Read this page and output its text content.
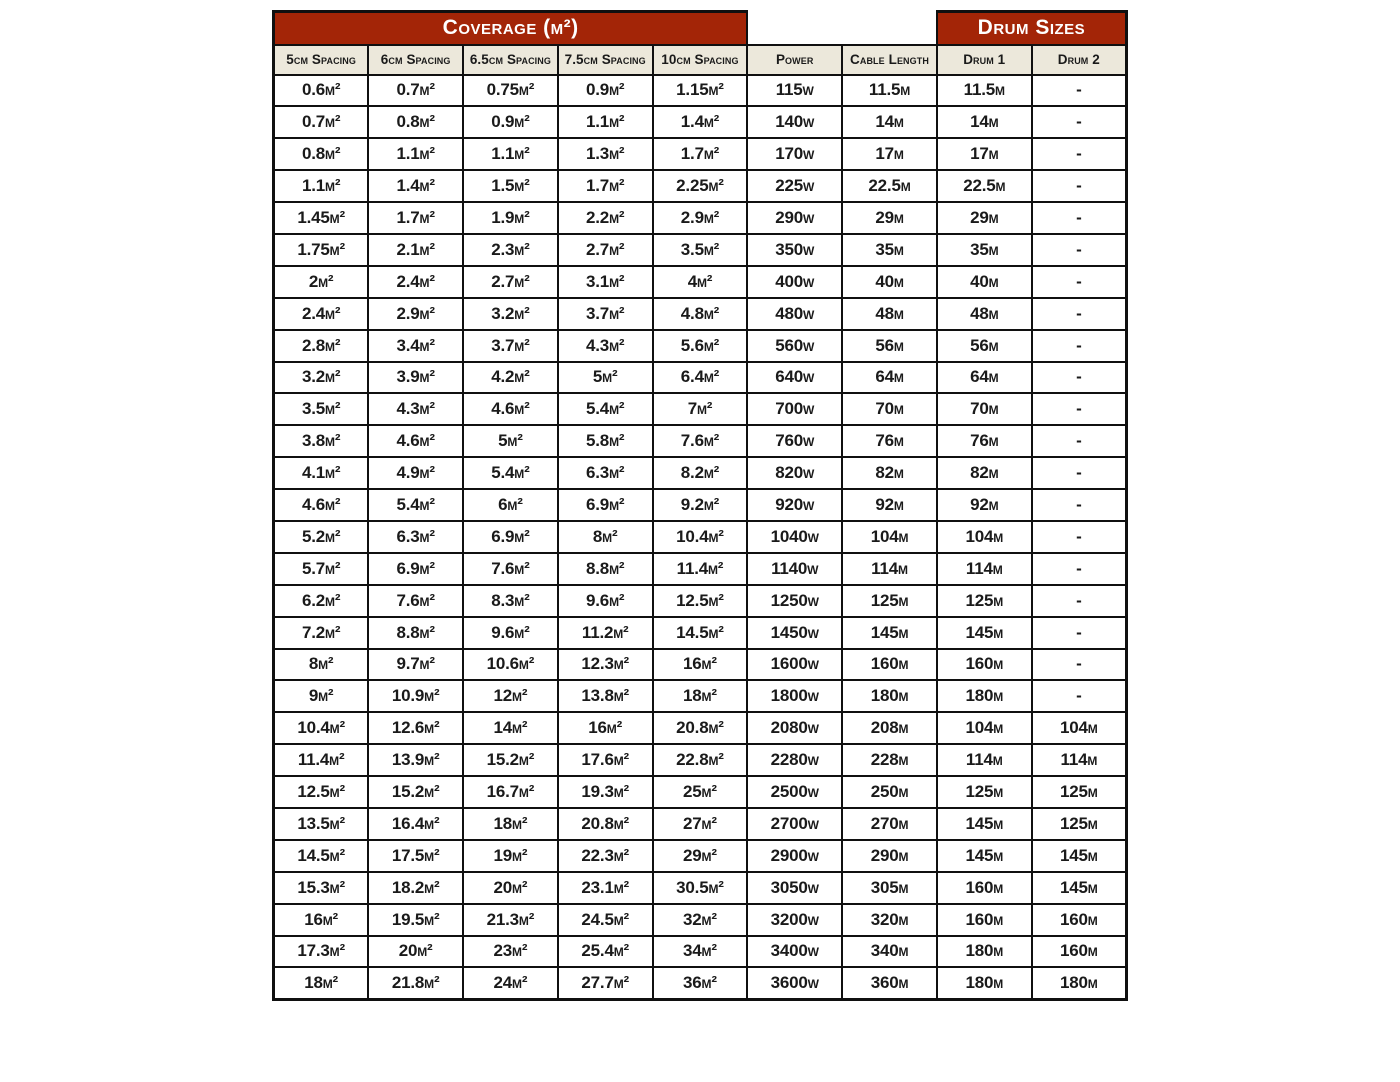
Coverage (m²)							Drum Sizes	
5cm Spacing	6cm Spacing	6.5cm Spacing	7.5cm Spacing	10cm Spacing	Power	Cable Length	Drum 1	Drum 2
0.6m²	0.7m²	0.75m²	0.9m²	1.15m²	115w	11.5m	11.5m	-
0.7m²	0.8m²	0.9m²	1.1m²	1.4m²	140w	14m	14m	-
0.8m²	1.1m²	1.1m²	1.3m²	1.7m²	170w	17m	17m	-
1.1m²	1.4m²	1.5m²	1.7m²	2.25m²	225w	22.5m	22.5m	-
1.45m²	1.7m²	1.9m²	2.2m²	2.9m²	290w	29m	29m	-
1.75m²	2.1m²	2.3m²	2.7m²	3.5m²	350w	35m	35m	-
2m²	2.4m²	2.7m²	3.1m²	4m²	400w	40m	40m	-
2.4m²	2.9m²	3.2m²	3.7m²	4.8m²	480w	48m	48m	-
2.8m²	3.4m²	3.7m²	4.3m²	5.6m²	560w	56m	56m	-
3.2m²	3.9m²	4.2m²	5m²	6.4m²	640w	64m	64m	-
3.5m²	4.3m²	4.6m²	5.4m²	7m²	700w	70m	70m	-
3.8m²	4.6m²	5m²	5.8m²	7.6m²	760w	76m	76m	-
4.1m²	4.9m²	5.4m²	6.3m²	8.2m²	820w	82m	82m	-
4.6m²	5.4m²	6m²	6.9m²	9.2m²	920w	92m	92m	-
5.2m²	6.3m²	6.9m²	8m²	10.4m²	1040w	104m	104m	-
5.7m²	6.9m²	7.6m²	8.8m²	11.4m²	1140w	114m	114m	-
6.2m²	7.6m²	8.3m²	9.6m²	12.5m²	1250w	125m	125m	-
7.2m²	8.8m²	9.6m²	11.2m²	14.5m²	1450w	145m	145m	-
8m²	9.7m²	10.6m²	12.3m²	16m²	1600w	160m	160m	-
9m²	10.9m²	12m²	13.8m²	18m²	1800w	180m	180m	-
10.4m²	12.6m²	14m²	16m²	20.8m²	2080w	208m	104m	104m
11.4m²	13.9m²	15.2m²	17.6m²	22.8m²	2280w	228m	114m	114m
12.5m²	15.2m²	16.7m²	19.3m²	25m²	2500w	250m	125m	125m
13.5m²	16.4m²	18m²	20.8m²	27m²	2700w	270m	145m	125m
14.5m²	17.5m²	19m²	22.3m²	29m²	2900w	290m	145m	145m
15.3m²	18.2m²	20m²	23.1m²	30.5m²	3050w	305m	160m	145m
16m²	19.5m²	21.3m²	24.5m²	32m²	3200w	320m	160m	160m
17.3m²	20m²	23m²	25.4m²	34m²	3400w	340m	180m	160m
18m²	21.8m²	24m²	27.7m²	36m²	3600w	360m	180m	180m
